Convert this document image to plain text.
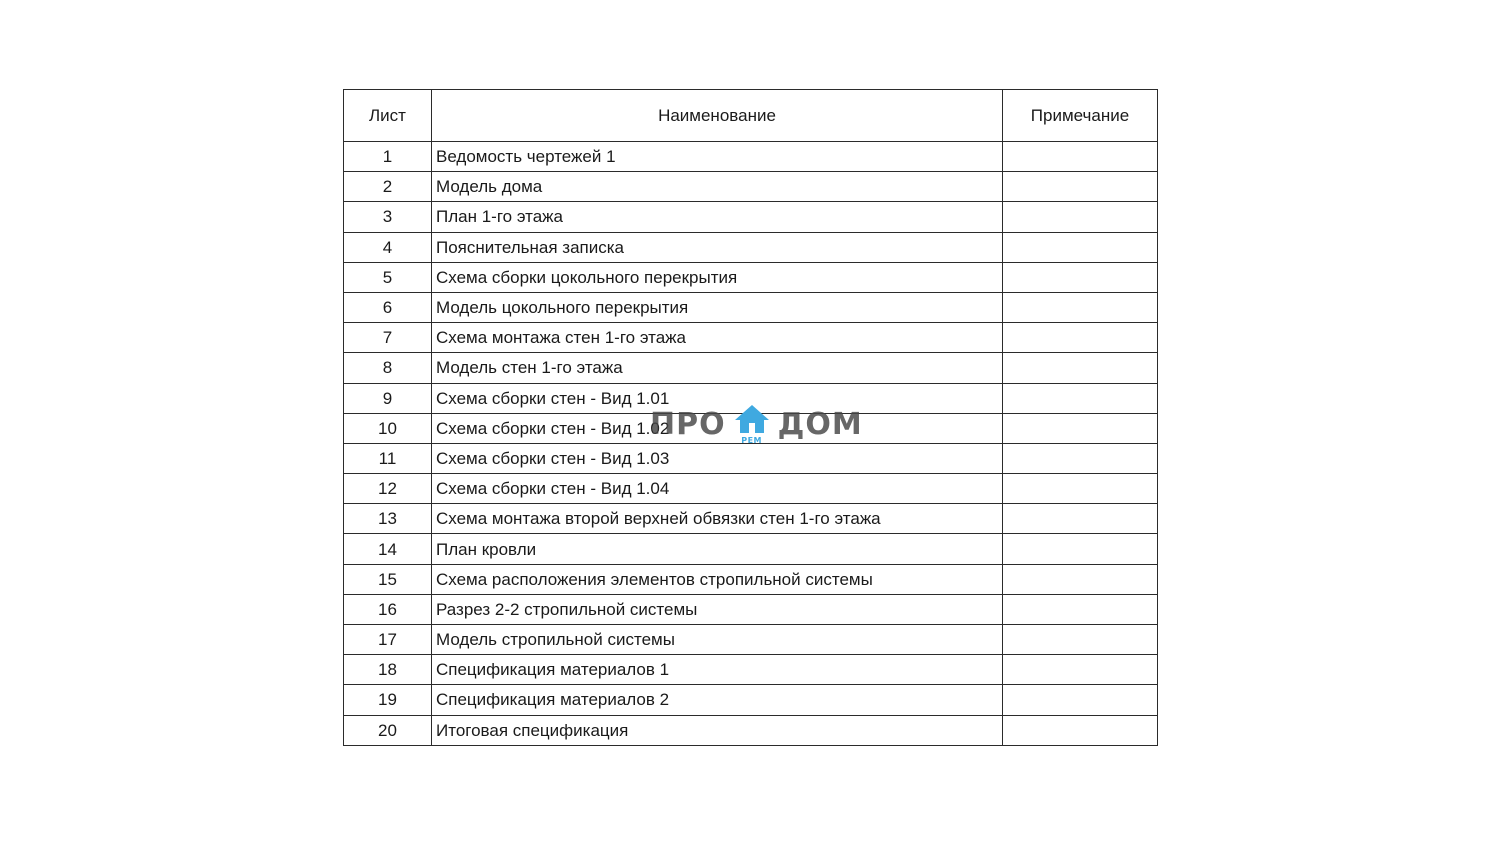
Лист	Наименование	Примечание
1	Ведомость чертежей 1	
2	Модель дома	
3	План 1-го этажа	
4	Пояснительная записка	
5	Схема сборки цокольного перекрытия	
6	Модель цокольного перекрытия	
7	Схема монтажа стен 1-го этажа	
8	Модель стен 1-го этажа	
9	Схема сборки стен - Вид 1.01	
10	Схема сборки стен - Вид 1.02	
11	Схема сборки стен - Вид 1.03	
12	Схема сборки стен - Вид 1.04	
13	Схема монтажа второй верхней обвязки стен 1-го этажа	
14	План кровли	
15	Схема расположения элементов стропильной системы	
16	Разрез 2-2 стропильной системы	
17	Модель стропильной системы	
18	Спецификация материалов 1	
19	Спецификация материалов 2	
20	Итоговая спецификация	
ПРО	РЕМ ДОМ
